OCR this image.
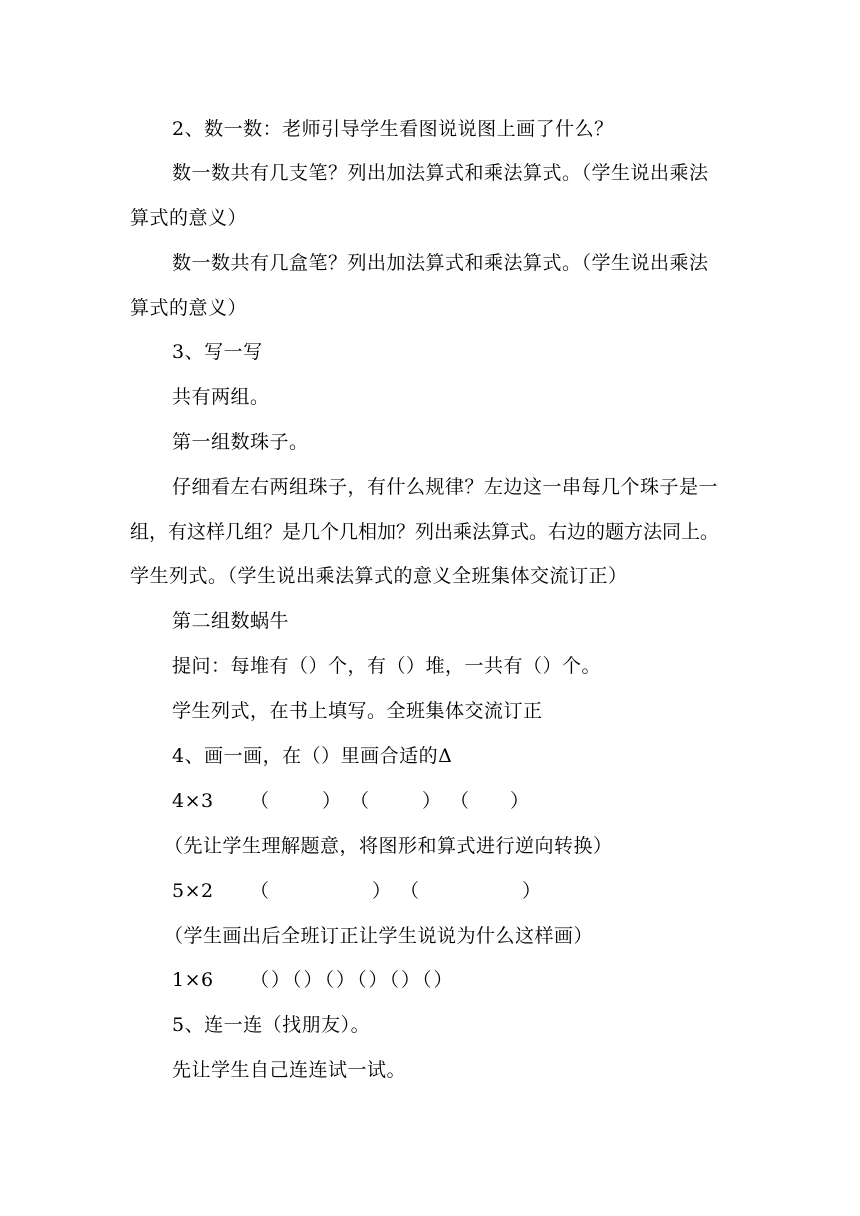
2、数一数：老师引导学生看图说说图上画了什么？
数一数共有几支笔？列出加法算式和乘法算式。（学生说出乘法
算式的意义）
数一数共有几盒笔？列出加法算式和乘法算式。（学生说出乘法
算式的意义）
3、写一写
共有两组。
第一组数珠子。
仔细看左右两组珠子，有什么规律？左边这一串每几个珠子是一
组，有这样几组？是几个几相加？列出乘法算式。右边的题方法同上。
学生列式。（学生说出乘法算式的意义全班集体交流订正）
第二组数蜗牛
提问：每堆有（）个，有（）堆，一共有（）个。
学生列式，在书上填写。全班集体交流订正
4、画一画，在（）里画合适的Δ
4×3 （	） （	） （ ）
（先让学生理解题意，将图形和算式进行逆向转换）
5×2 （	） （	）
（学生画出后全班订正让学生说说为什么这样画）
1×6 （）（）（）（）（）（）
5、连一连（找朋友）。
先让学生自己连连试一试。
